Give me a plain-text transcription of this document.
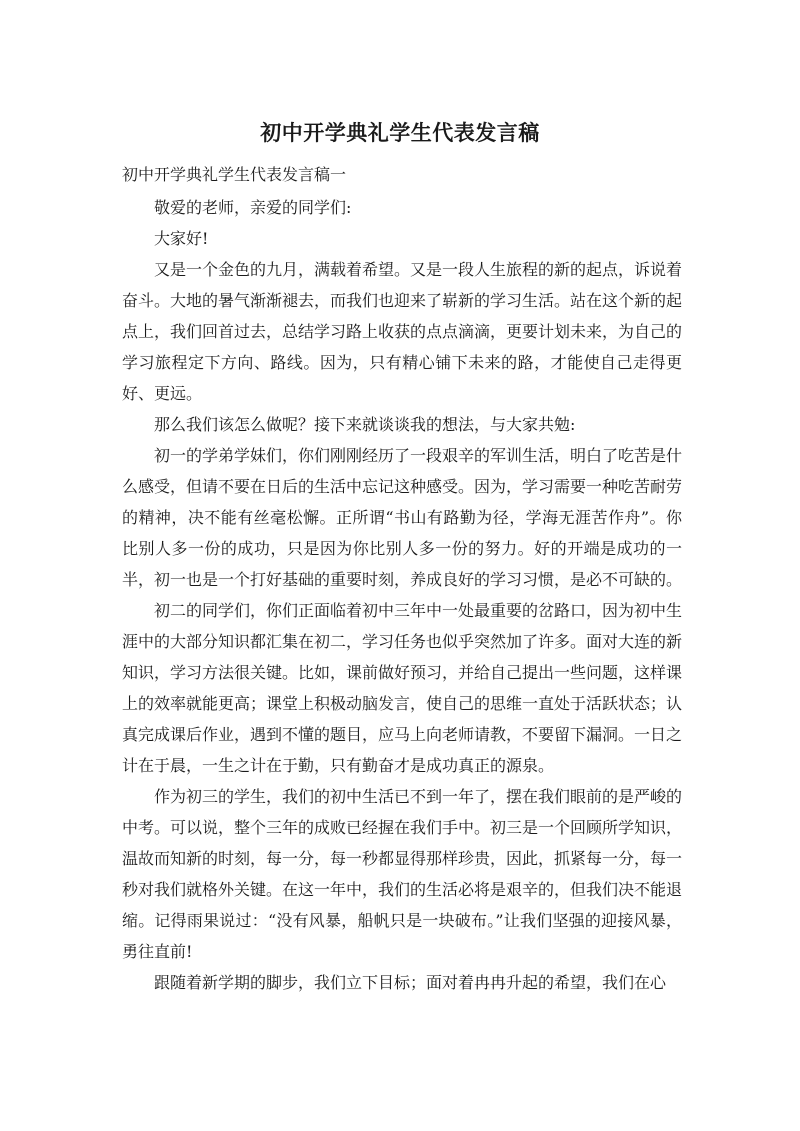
初中开学典礼学生代表发言稿
初中开学典礼学生代表发言稿一

敬爱的老师，亲爱的同学们:

大家好!

又是一个金色的九月，满载着希望。又是一段人生旅程的新的起点，诉说着奋斗。大地的暑气渐渐褪去，而我们也迎来了崭新的学习生活。站在这个新的起点上，我们回首过去，总结学习路上收获的点点滴滴，更要计划未来，为自己的学习旅程定下方向、路线。因为，只有精心铺下未来的路，才能使自己走得更好、更远。

那么我们该怎么做呢？接下来就谈谈我的想法，与大家共勉:

初一的学弟学妹们，你们刚刚经历了一段艰辛的军训生活，明白了吃苦是什么感受，但请不要在日后的生活中忘记这种感受。因为，学习需要一种吃苦耐劳的精神，决不能有丝毫松懈。正所谓“书山有路勤为径，学海无涯苦作舟”。你比别人多一份的成功，只是因为你比别人多一份的努力。好的开端是成功的一半，初一也是一个打好基础的重要时刻，养成良好的学习习惯，是必不可缺的。

初二的同学们，你们正面临着初中三年中一处最重要的岔路口，因为初中生涯中的大部分知识都汇集在初二，学习任务也似乎突然加了许多。面对大连的新知识，学习方法很关键。比如，课前做好预习，并给自己提出一些问题，这样课上的效率就能更高；课堂上积极动脑发言，使自己的思维一直处于活跃状态；认真完成课后作业，遇到不懂的题目，应马上向老师请教，不要留下漏洞。一日之计在于晨，一生之计在于勤，只有勤奋才是成功真正的源泉。

作为初三的学生，我们的初中生活已不到一年了，摆在我们眼前的是严峻的中考。可以说，整个三年的成败已经握在我们手中。初三是一个回顾所学知识，温故而知新的时刻，每一分，每一秒都显得那样珍贵，因此，抓紧每一分，每一秒对我们就格外关键。在这一年中，我们的生活必将是艰辛的，但我们决不能退缩。记得雨果说过：“没有风暴，船帆只是一块破布。”让我们坚强的迎接风暴，勇往直前!

跟随着新学期的脚步，我们立下目标；面对着冉冉升起的希望，我们在心
